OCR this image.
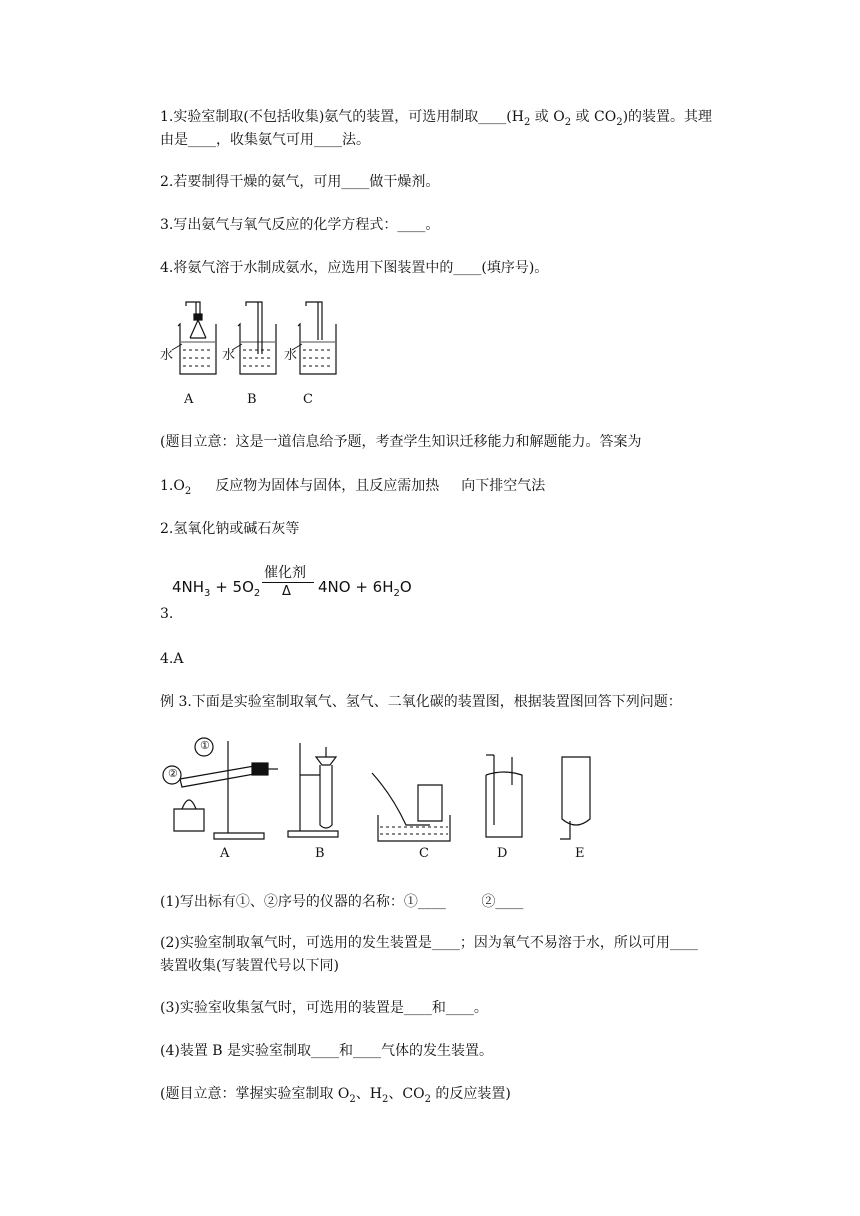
1.实验室制取(不包括收集)氨气的装置，可选用制取$\_\_\_\_(H_2$ 或 $O_2$ 或 $CO_2$)的装置。其理
由是____，收集氨气可用____法。
2.若要制得干燥的氨气，可用____做干燥剂。
3.写出氨气与氧气反应的化学方程式：____。
4.将氨气溶于水制成氨水，应选用下图装置中的____(填序号)。
水	水	水
A	B	C
(题目立意：这是一道信息给予题，考查学生知识迁移能力和解题能力。答案为
$1.O_2$ 反应物为固体与固体，且反应需加热 向下排空气法
2.氢氧化钠或碱石灰等
$4NH_3 + 5O_2$
催化剂
Δ $4NO + 6H_2O$
3.
4.A
例 3.下面是实验室制取氧气、氢气、二氧化碳的装置图，根据装置图回答下列问题：
①
②
A	B	C	D	E
(1)写出标有①、②序号的仪器的名称：①____        ②____
(2)实验室制取氧气时，可选用的发生装置是____；因为氧气不易溶于水，所以可用____
装置收集(写装置代号以下同)
(3)实验室收集氢气时，可选用的装置是____和____。
(4)装置 B 是实验室制取____和____气体的发生装置。
(题目立意：掌握实验室制取 $O_2$、$H_2$、$CO_2$ 的反应装置)
